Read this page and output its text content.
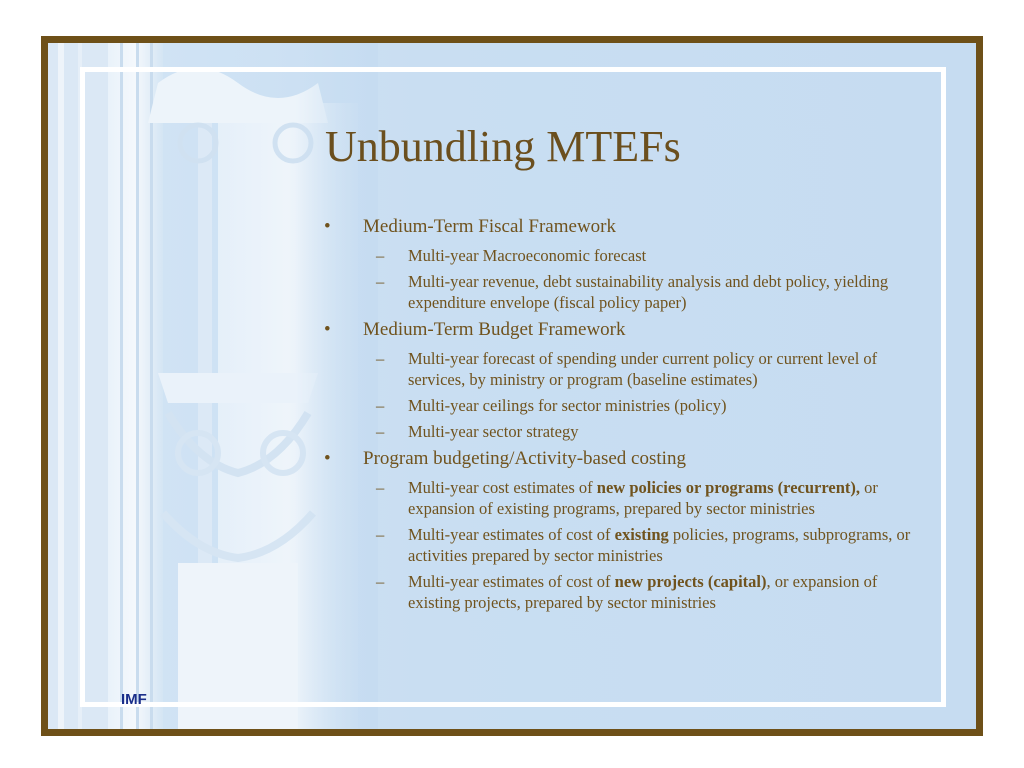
Unbundling MTEFs
• Medium-Term Fiscal Framework
– Multi-year Macroeconomic forecast
– Multi-year revenue, debt sustainability analysis and debt policy, yielding expenditure envelope (fiscal policy paper)
• Medium-Term Budget Framework
– Multi-year forecast of spending under current policy or current level of services, by ministry or program (baseline estimates)
– Multi-year ceilings for sector ministries (policy)
– Multi-year sector strategy
• Program budgeting/Activity-based costing
– Multi-year cost estimates of new policies or programs (recurrent), or expansion of existing programs, prepared by sector ministries
– Multi-year estimates of cost of existing policies, programs, subprograms, or activities prepared by sector ministries
– Multi-year estimates of cost of new projects (capital), or expansion of existing projects, prepared by sector ministries
IMF
